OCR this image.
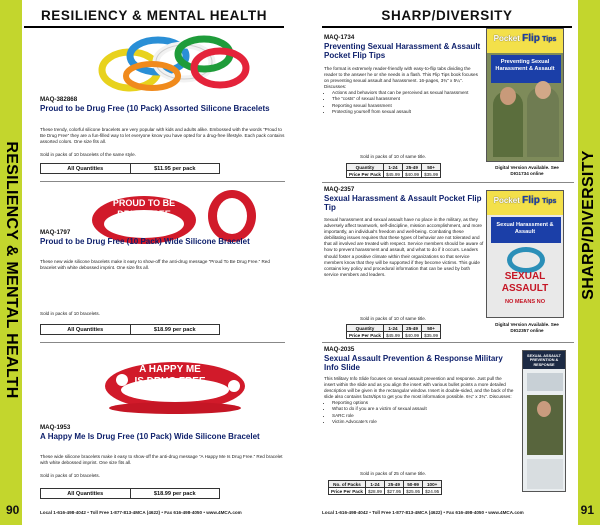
RESILIENCY & MENTAL HEALTH
RESILIENCY & MENTAL HEALTH
MAQ-382868
Proud to be Drug Free (10 Pack) Assorted Silicone Bracelets
These trendy, colorful silicone bracelets are very popular with kids and adults alike. Embossed with the words “Proud to Be Drug Free” they are a fun-filled way to let everyone know you have opted for a drug-free lifestyle. Each pack contains assorted colors. One size fits all.
Sold in packs of 10 bracelets of the same style.
All Quantities	$11.95 per pack
PROUD TO BE
DRUG-FREE
MAQ-1797
Proud to be Drug Free (10 Pack) Wide Silicone Bracelet
These new wide silicone bracelets make it easy to show-off the anti-drug message “Proud To Be Drug Free.” Red bracelet with white debossed imprint. One size fits all.
Sold in packs of 10 bracelets.
All Quantities	$18.99 per pack
A HAPPY ME
IS DRUG FREE
MAQ-1953
A Happy Me Is Drug Free (10 Pack) Wide Silicone Bracelet
These wide silicone bracelets make it easy to show-off the anti-drug message “A Happy Me Is Drug Free.” Red bracelet with white debossed imprint. One size fits all.
Sold in packs of 10 bracelets.
All Quantities	$18.99 per pack
Local 1-616-498-4042 • Toll Free 1-877-813-4MCA (4622) • Fax 616-498-4050 • www.4MCA.com
90
SHARP/DIVERSITY
SHARP/DIVERSITY
MAQ-1734
Preventing Sexual Harassment & Assault Pocket Flip Tips
The format is extremely reader-friendly with easy-to-flip tabs dividing the reader to the answer he or she needs in a flash. This Flip Tips book focuses on preventing sexual assault and harassment. 16-pages, 3¾" x 5¼". Discusses:
• Actions and behaviors that can be perceived as sexual harassment
• The “costs” of sexual harassment
• Reporting sexual harassment
• Protecting yourself from sexual assault
Sold in packs of 10 of same title.
Quantity	1-24	25-49	50+
Price Per Pack	$45.99	$40.99	$35.99
Pocket Flip Tips
Preventing Sexual Harassment & Assault
Digital Version Available. See DIG1734 online
MAQ-2357
Sexual Harassment & Assault Pocket Flip Tip
Sexual harassment and sexual assault have no place in the military, as they adversely affect teamwork, self-discipline, mission accomplishment, and more importantly, an individual’s freedom and well-being. Combating these debilitating issues requires that these types of behavior are not tolerated and that all involved are treated with respect. Service members should be aware of how to prevent harassment and assault, and what to do if it occurs. Leaders should foster a positive climate within their organizations so that service members know that they will be supported if they become victims. This guide contains key policy and procedural information that can be used by both service members and leaders.
Sold in packs of 10 of same title.
Quantity	1-24	25-49	50+
Price Per Pack	$45.99	$40.99	$35.99
Pocket Flip Tips
Sexual Harassment & Assault
SEXUAL
ASSAULT
NO MEANS NO
Digital Version Available. See DIG2357 online
MAQ-2035
Sexual Assault Prevention & Response Military Info Slide
This Military Info Slide focuses on sexual assault prevention and response. Just pull the insert within the slide and as you align the insert with various bullet points a more detailed description will be given in the rectangular window. Insert is double-sided, and the back of the slide also contains facts/tips to get you the most information possible. 6¼" x 3¾". Discusses:
• Reporting options
• What to do if you are a victim of sexual assault
• SARC role
• Victim Advocate’s role
Sold in packs of 25 of same title.
No. of Packs	1-24	25-49	50-99	100+
Price Per Pack	$28.99	$27.95	$25.95	$24.95
SEXUAL ASSAULT PREVENTION & RESPONSE
Local 1-616-498-4042 • Toll Free 1-877-813-4MCA (4622) • Fax 616-498-4050 • www.4MCA.com	91
